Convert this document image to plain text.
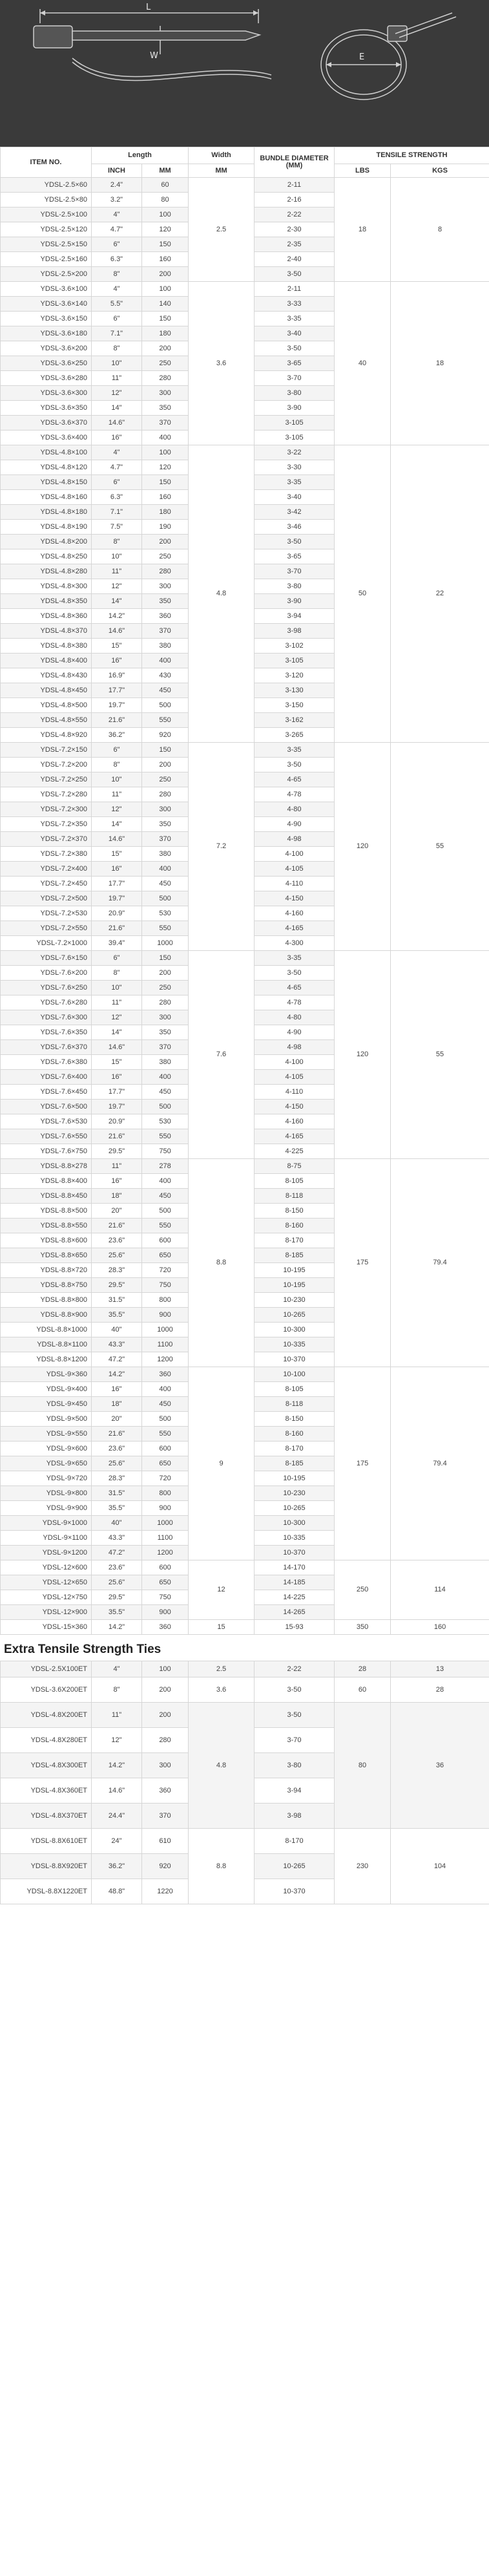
L
W	E
ITEM NO.	Length		Width	BUNDLE DIAMETER (MM)	TENSILE STRENGTH	
	INCH	MM	MM		LBS	KGS
YDSL-2.5×60	2.4"	60	2.5	2-11	18	8
YDSL-2.5×80	3.2"	80		2-16		
YDSL-2.5×100	4"	100		2-22		
YDSL-2.5×120	4.7"	120		2-30		
YDSL-2.5×150	6"	150		2-35		
YDSL-2.5×160	6.3"	160		2-40		
YDSL-2.5×200	8"	200		3-50		
YDSL-3.6×100	4"	100	3.6	2-11	40	18
YDSL-3.6×140	5.5"	140		3-33		
YDSL-3.6×150	6"	150		3-35		
YDSL-3.6×180	7.1"	180		3-40		
YDSL-3.6×200	8"	200		3-50		
YDSL-3.6×250	10"	250		3-65		
YDSL-3.6×280	11"	280		3-70		
YDSL-3.6×300	12"	300		3-80		
YDSL-3.6×350	14"	350		3-90		
YDSL-3.6×370	14.6"	370		3-105		
YDSL-3.6×400	16"	400		3-105		
YDSL-4.8×100	4"	100	4.8	3-22	50	22
YDSL-4.8×120	4.7"	120		3-30		
YDSL-4.8×150	6"	150		3-35		
YDSL-4.8×160	6.3"	160		3-40		
YDSL-4.8×180	7.1"	180		3-42		
YDSL-4.8×190	7.5"	190		3-46		
YDSL-4.8×200	8"	200		3-50		
YDSL-4.8×250	10"	250		3-65		
YDSL-4.8×280	11"	280		3-70		
YDSL-4.8×300	12"	300		3-80		
YDSL-4.8×350	14"	350		3-90		
YDSL-4.8×360	14.2"	360		3-94		
YDSL-4.8×370	14.6"	370		3-98		
YDSL-4.8×380	15"	380		3-102		
YDSL-4.8×400	16"	400		3-105		
YDSL-4.8×430	16.9"	430		3-120		
YDSL-4.8×450	17.7"	450		3-130		
YDSL-4.8×500	19.7"	500		3-150		
YDSL-4.8×550	21.6"	550		3-162		
YDSL-4.8×920	36.2"	920		3-265		
YDSL-7.2×150	6"	150	7.2	3-35	120	55
YDSL-7.2×200	8"	200		3-50		
YDSL-7.2×250	10"	250		4-65		
YDSL-7.2×280	11"	280		4-78		
YDSL-7.2×300	12"	300		4-80		
YDSL-7.2×350	14"	350		4-90		
YDSL-7.2×370	14.6"	370		4-98		
YDSL-7.2×380	15"	380		4-100		
YDSL-7.2×400	16"	400		4-105		
YDSL-7.2×450	17.7"	450		4-110		
YDSL-7.2×500	19.7"	500		4-150		
YDSL-7.2×530	20.9"	530		4-160		
YDSL-7.2×550	21.6"	550		4-165		
YDSL-7.2×1000	39.4"	1000		4-300		
YDSL-7.6×150	6"	150	7.6	3-35	120	55
YDSL-7.6×200	8"	200		3-50		
YDSL-7.6×250	10"	250		4-65		
YDSL-7.6×280	11"	280		4-78		
YDSL-7.6×300	12"	300		4-80		
YDSL-7.6×350	14"	350		4-90		
YDSL-7.6×370	14.6"	370		4-98		
YDSL-7.6×380	15"	380		4-100		
YDSL-7.6×400	16"	400		4-105		
YDSL-7.6×450	17.7"	450		4-110		
YDSL-7.6×500	19.7"	500		4-150		
YDSL-7.6×530	20.9"	530		4-160		
YDSL-7.6×550	21.6"	550		4-165		
YDSL-7.6×750	29.5"	750		4-225		
YDSL-8.8×278	11"	278	8.8	8-75	175	79.4
YDSL-8.8×400	16"	400		8-105		
YDSL-8.8×450	18"	450		8-118		
YDSL-8.8×500	20"	500		8-150		
YDSL-8.8×550	21.6"	550		8-160		
YDSL-8.8×600	23.6"	600		8-170		
YDSL-8.8×650	25.6"	650		8-185		
YDSL-8.8×720	28.3"	720		10-195		
YDSL-8.8×750	29.5"	750		10-195		
YDSL-8.8×800	31.5"	800		10-230		
YDSL-8.8×900	35.5"	900		10-265		
YDSL-8.8×1000	40"	1000		10-300		
YDSL-8.8×1100	43.3"	1100		10-335		
YDSL-8.8×1200	47.2"	1200		10-370		
YDSL-9×360	14.2"	360	9	10-100	175	79.4
YDSL-9×400	16"	400		8-105		
YDSL-9×450	18"	450		8-118		
YDSL-9×500	20"	500		8-150		
YDSL-9×550	21.6"	550		8-160		
YDSL-9×600	23.6"	600		8-170		
YDSL-9×650	25.6"	650		8-185		
YDSL-9×720	28.3"	720		10-195		
YDSL-9×800	31.5"	800		10-230		
YDSL-9×900	35.5"	900		10-265		
YDSL-9×1000	40"	1000		10-300		
YDSL-9×1100	43.3"	1100		10-335		
YDSL-9×1200	47.2"	1200		10-370		
YDSL-12×600	23.6"	600	12	14-170	250	114
YDSL-12×650	25.6"	650		14-185		
YDSL-12×750	29.5"	750		14-225		
YDSL-12×900	35.5"	900		14-265		
YDSL-15×360	14.2"	360	15	15-93	350	160
Extra Tensile Strength Ties
YDSL-2.5X100ET	4"	100	2.5	2-22	28	13
YDSL-3.6X200ET	8"	200	3.6	3-50	60	28
YDSL-4.8X200ET	11"	200	4.8	3-50	80	36
YDSL-4.8X280ET	12"	280		3-70		
YDSL-4.8X300ET	14.2"	300		3-80		
YDSL-4.8X360ET	14.6"	360		3-94		
YDSL-4.8X370ET	24.4"	370		3-98		
YDSL-8.8X610ET	24"	610	8.8	8-170	230	104
YDSL-8.8X920ET	36.2"	920		10-265		
YDSL-8.8X1220ET	48.8"	1220		10-370		
